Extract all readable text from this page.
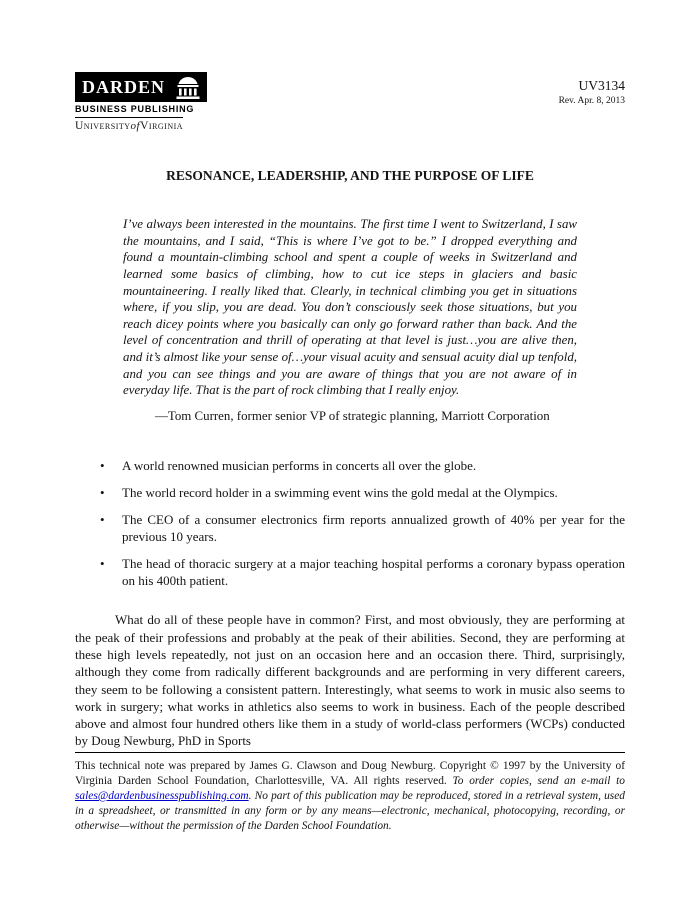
DARDEN
BUSINESS PUBLISHING
UniversityofVirginia
UV3134
Rev. Apr. 8, 2013
RESONANCE, LEADERSHIP, AND THE PURPOSE OF LIFE
I’ve always been interested in the mountains. The first time I went to Switzerland, I saw the mountains, and I said, “This is where I’ve got to be.” I dropped everything and found a mountain-climbing school and spent a couple of weeks in Switzerland and learned some basics of climbing, how to cut ice steps in glaciers and basic mountaineering. I really liked that. Clearly, in technical climbing you get in situations where, if you slip, you are dead. You don’t consciously seek those situations, but you reach dicey points where you basically can only go forward rather than back. And the level of concentration and thrill of operating at that level is just…you are alive then, and it’s almost like your sense of…your visual acuity and sensual acuity dial up tenfold, and you can see things and you are aware of things that you are not aware of in everyday life. That is the part of rock climbing that I really enjoy.
—Tom Curren, former senior VP of strategic planning, Marriott Corporation
•	A world renowned musician performs in concerts all over the globe.
•	The world record holder in a swimming event wins the gold medal at the Olympics.
•	The CEO of a consumer electronics firm reports annualized growth of 40% per year for the previous 10 years.
•	The head of thoracic surgery at a major teaching hospital performs a coronary bypass operation on his 400th patient.
What do all of these people have in common? First, and most obviously, they are performing at the peak of their professions and probably at the peak of their abilities. Second, they are performing at these high levels repeatedly, not just on an occasion here and an occasion there. Third, surprisingly, although they come from radically different backgrounds and are performing in very different careers, they seem to be following a consistent pattern. Interestingly, what seems to work in music also seems to work in surgery; what works in athletics also seems to work in business. Each of the people described above and almost four hundred others like them in a study of world-class performers (WCPs) conducted by Doug Newburg, PhD in Sports
This technical note was prepared by James G. Clawson and Doug Newburg. Copyright © 1997 by the University of Virginia Darden School Foundation, Charlottesville, VA. All rights reserved. To order copies, send an e-mail to sales@dardenbusinesspublishing.com. No part of this publication may be reproduced, stored in a retrieval system, used in a spreadsheet, or transmitted in any form or by any means—electronic, mechanical, photocopying, recording, or otherwise—without the permission of the Darden School Foundation.
